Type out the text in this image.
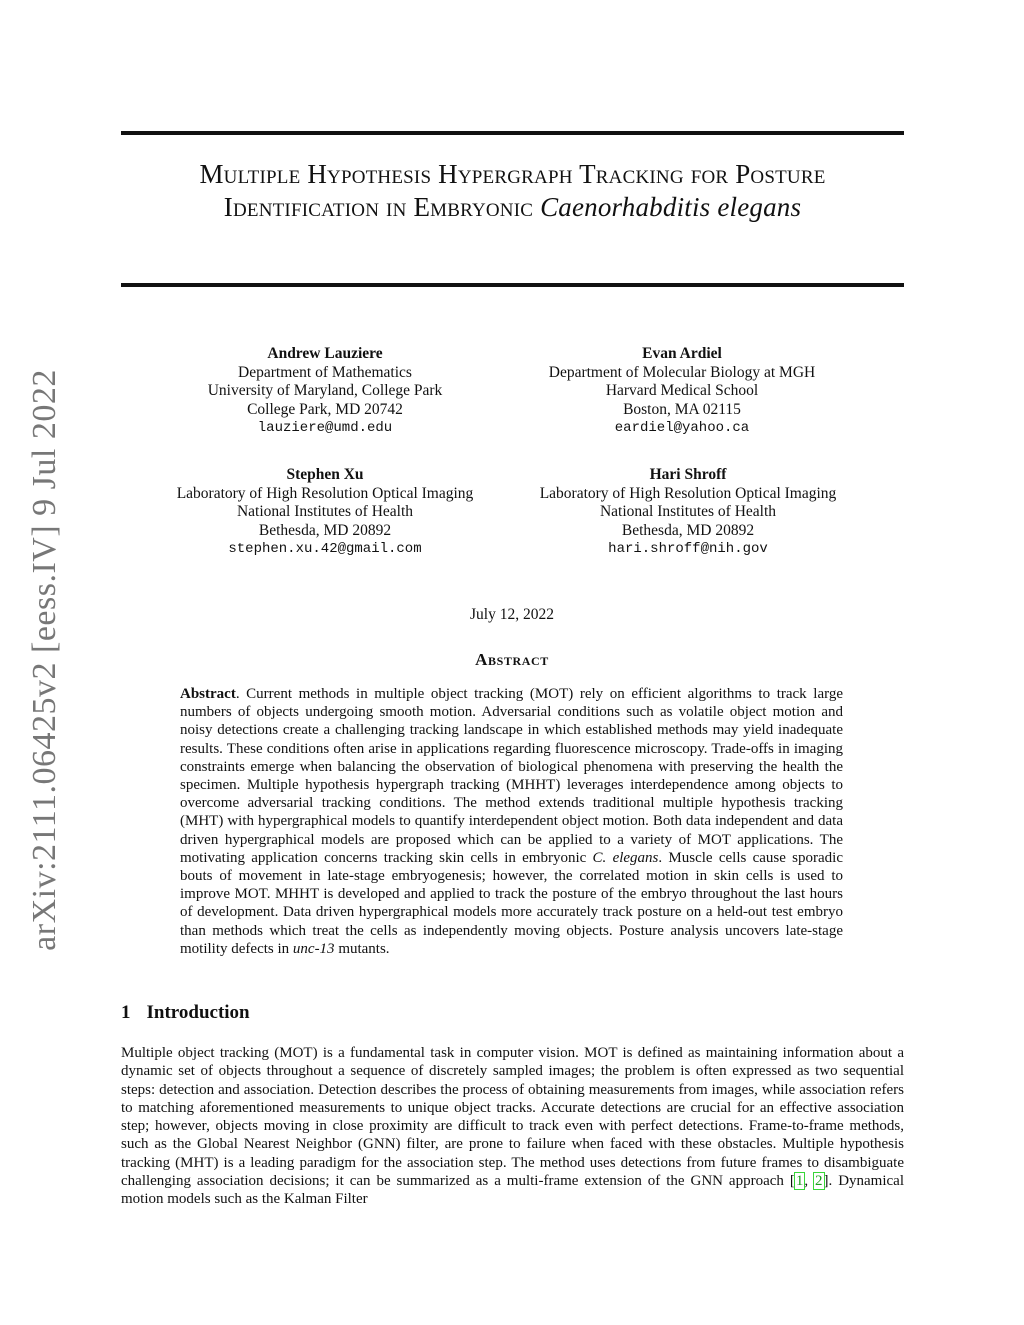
arXiv:2111.06425v2 [eess.IV] 9 Jul 2022
Multiple Hypothesis Hypergraph Tracking for Posture Identification in Embryonic Caenorhabditis elegans
Andrew Lauziere
Department of Mathematics
University of Maryland, College Park
College Park, MD 20742
lauziere@umd.edu
Evan Ardiel
Department of Molecular Biology at MGH
Harvard Medical School
Boston, MA 02115
eardiel@yahoo.ca
Stephen Xu
Laboratory of High Resolution Optical Imaging
National Institutes of Health
Bethesda, MD 20892
stephen.xu.42@gmail.com
Hari Shroff
Laboratory of High Resolution Optical Imaging
National Institutes of Health
Bethesda, MD 20892
hari.shroff@nih.gov
July 12, 2022
Abstract
Abstract. Current methods in multiple object tracking (MOT) rely on efficient algorithms to track large numbers of objects undergoing smooth motion. Adversarial conditions such as volatile object motion and noisy detections create a challenging tracking landscape in which established methods may yield inadequate results. These conditions often arise in applications regarding fluorescence microscopy. Trade-offs in imaging constraints emerge when balancing the observation of biological phenomena with preserving the health the specimen. Multiple hypothesis hypergraph tracking (MHHT) leverages interdependence among objects to overcome adversarial tracking conditions. The method extends traditional multiple hypothesis tracking (MHT) with hypergraphical models to quantify interdependent object motion. Both data independent and data driven hypergraphical models are proposed which can be applied to a variety of MOT applications. The motivating application concerns tracking skin cells in embryonic C. elegans. Muscle cells cause sporadic bouts of movement in late-stage embryogenesis; however, the correlated motion in skin cells is used to improve MOT. MHHT is developed and applied to track the posture of the embryo throughout the last hours of development. Data driven hypergraphical models more accurately track posture on a held-out test embryo than methods which treat the cells as independently moving objects. Posture analysis uncovers late-stage motility defects in unc-13 mutants.
1 Introduction
Multiple object tracking (MOT) is a fundamental task in computer vision. MOT is defined as maintaining information about a dynamic set of objects throughout a sequence of discretely sampled images; the problem is often expressed as two sequential steps: detection and association. Detection describes the process of obtaining measurements from images, while association refers to matching aforementioned measurements to unique object tracks. Accurate detections are crucial for an effective association step; however, objects moving in close proximity are difficult to track even with perfect detections. Frame-to-frame methods, such as the Global Nearest Neighbor (GNN) filter, are prone to failure when faced with these obstacles. Multiple hypothesis tracking (MHT) is a leading paradigm for the association step. The method uses detections from future frames to disambiguate challenging association decisions; it can be summarized as a multi-frame extension of the GNN approach [1, 2]. Dynamical motion models such as the Kalman Filter
